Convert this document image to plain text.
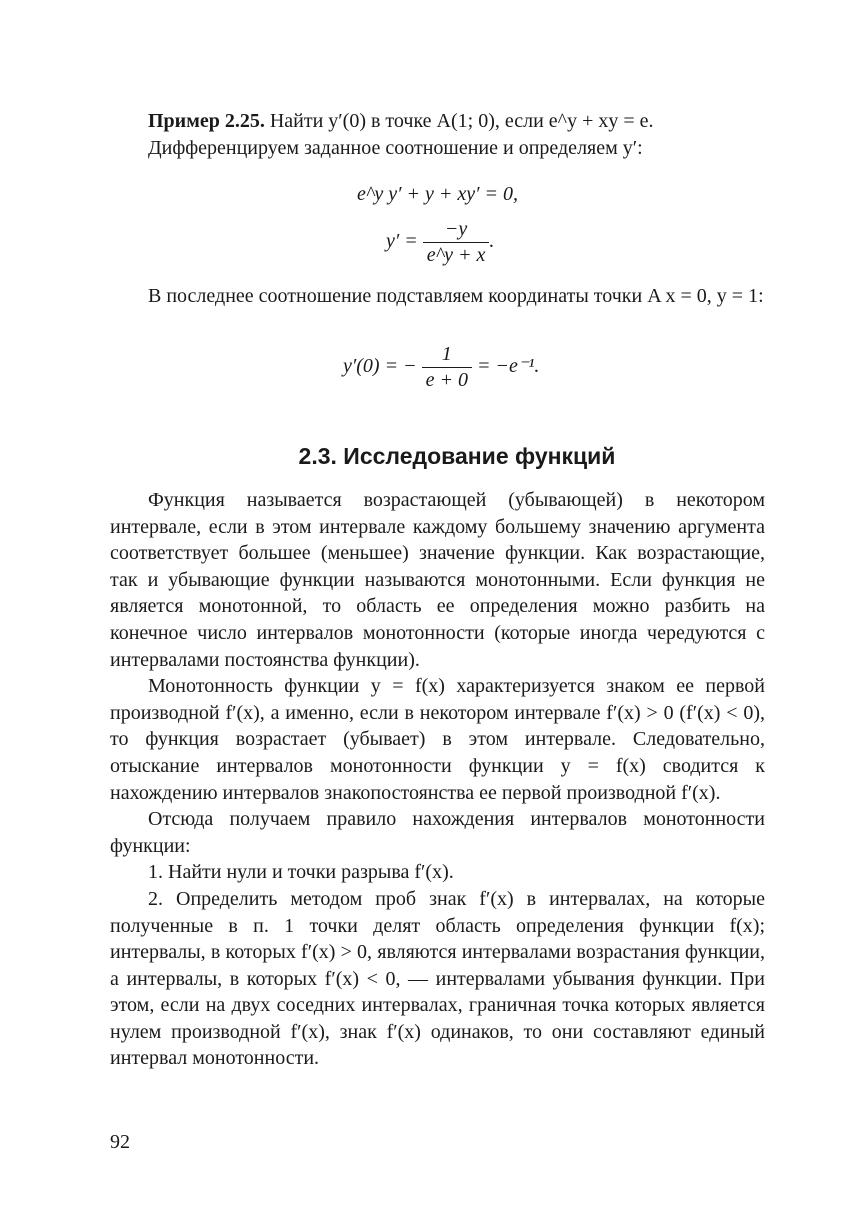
Пример 2.25. Найти y′(0) в точке A(1; 0), если e^y + xy = e.

Дифференцируем заданное соотношение и определяем y′:

e^y y′ + y + xy′ = 0,
$y' = \frac{-y}{e\^{}y + x}$ .

В последнее соотношение подставляем координаты точки A x = 0, y = 1:

y′(0) = − $\frac{1}{e + 0} = -e^{-1}$.
2.3. Исследование функций

Функция называется возрастающей (убывающей) в некотором интервале, если в этом интервале каждому большему значению аргумента соответствует большее (меньшее) значение функции. Как возрастающие, так и убывающие функции называются монотонными. Если функция не является монотонной, то область ее определения можно разбить на конечное число интервалов монотонности (которые иногда чередуются с интервалами постоянства функции).

Монотонность функции y = f(x) характеризуется знаком ее первой производной f′(x), а именно, если в некотором интервале f′(x) > 0 (f′(x) < 0), то функция возрастает (убывает) в этом интервале. Следовательно, отыскание интервалов монотонности функции y = f(x) сводится к нахождению интервалов знакопостоянства ее первой производной f′(x).

Отсюда получаем правило нахождения интервалов монотонности функции:

1. Найти нули и точки разрыва f′(x).

2. Определить методом проб знак f′(x) в интервалах, на которые полученные в п. 1 точки делят область определения функции f(x); интервалы, в которых f′(x) > 0, являются интервалами возрастания функции, а интервалы, в которых f′(x) < 0, — интервалами убывания функции. При этом, если на двух соседних интервалах, граничная точка которых является нулем производной f′(x), знак f′(x) одинаков, то они составляют единый интервал монотонности.

92
